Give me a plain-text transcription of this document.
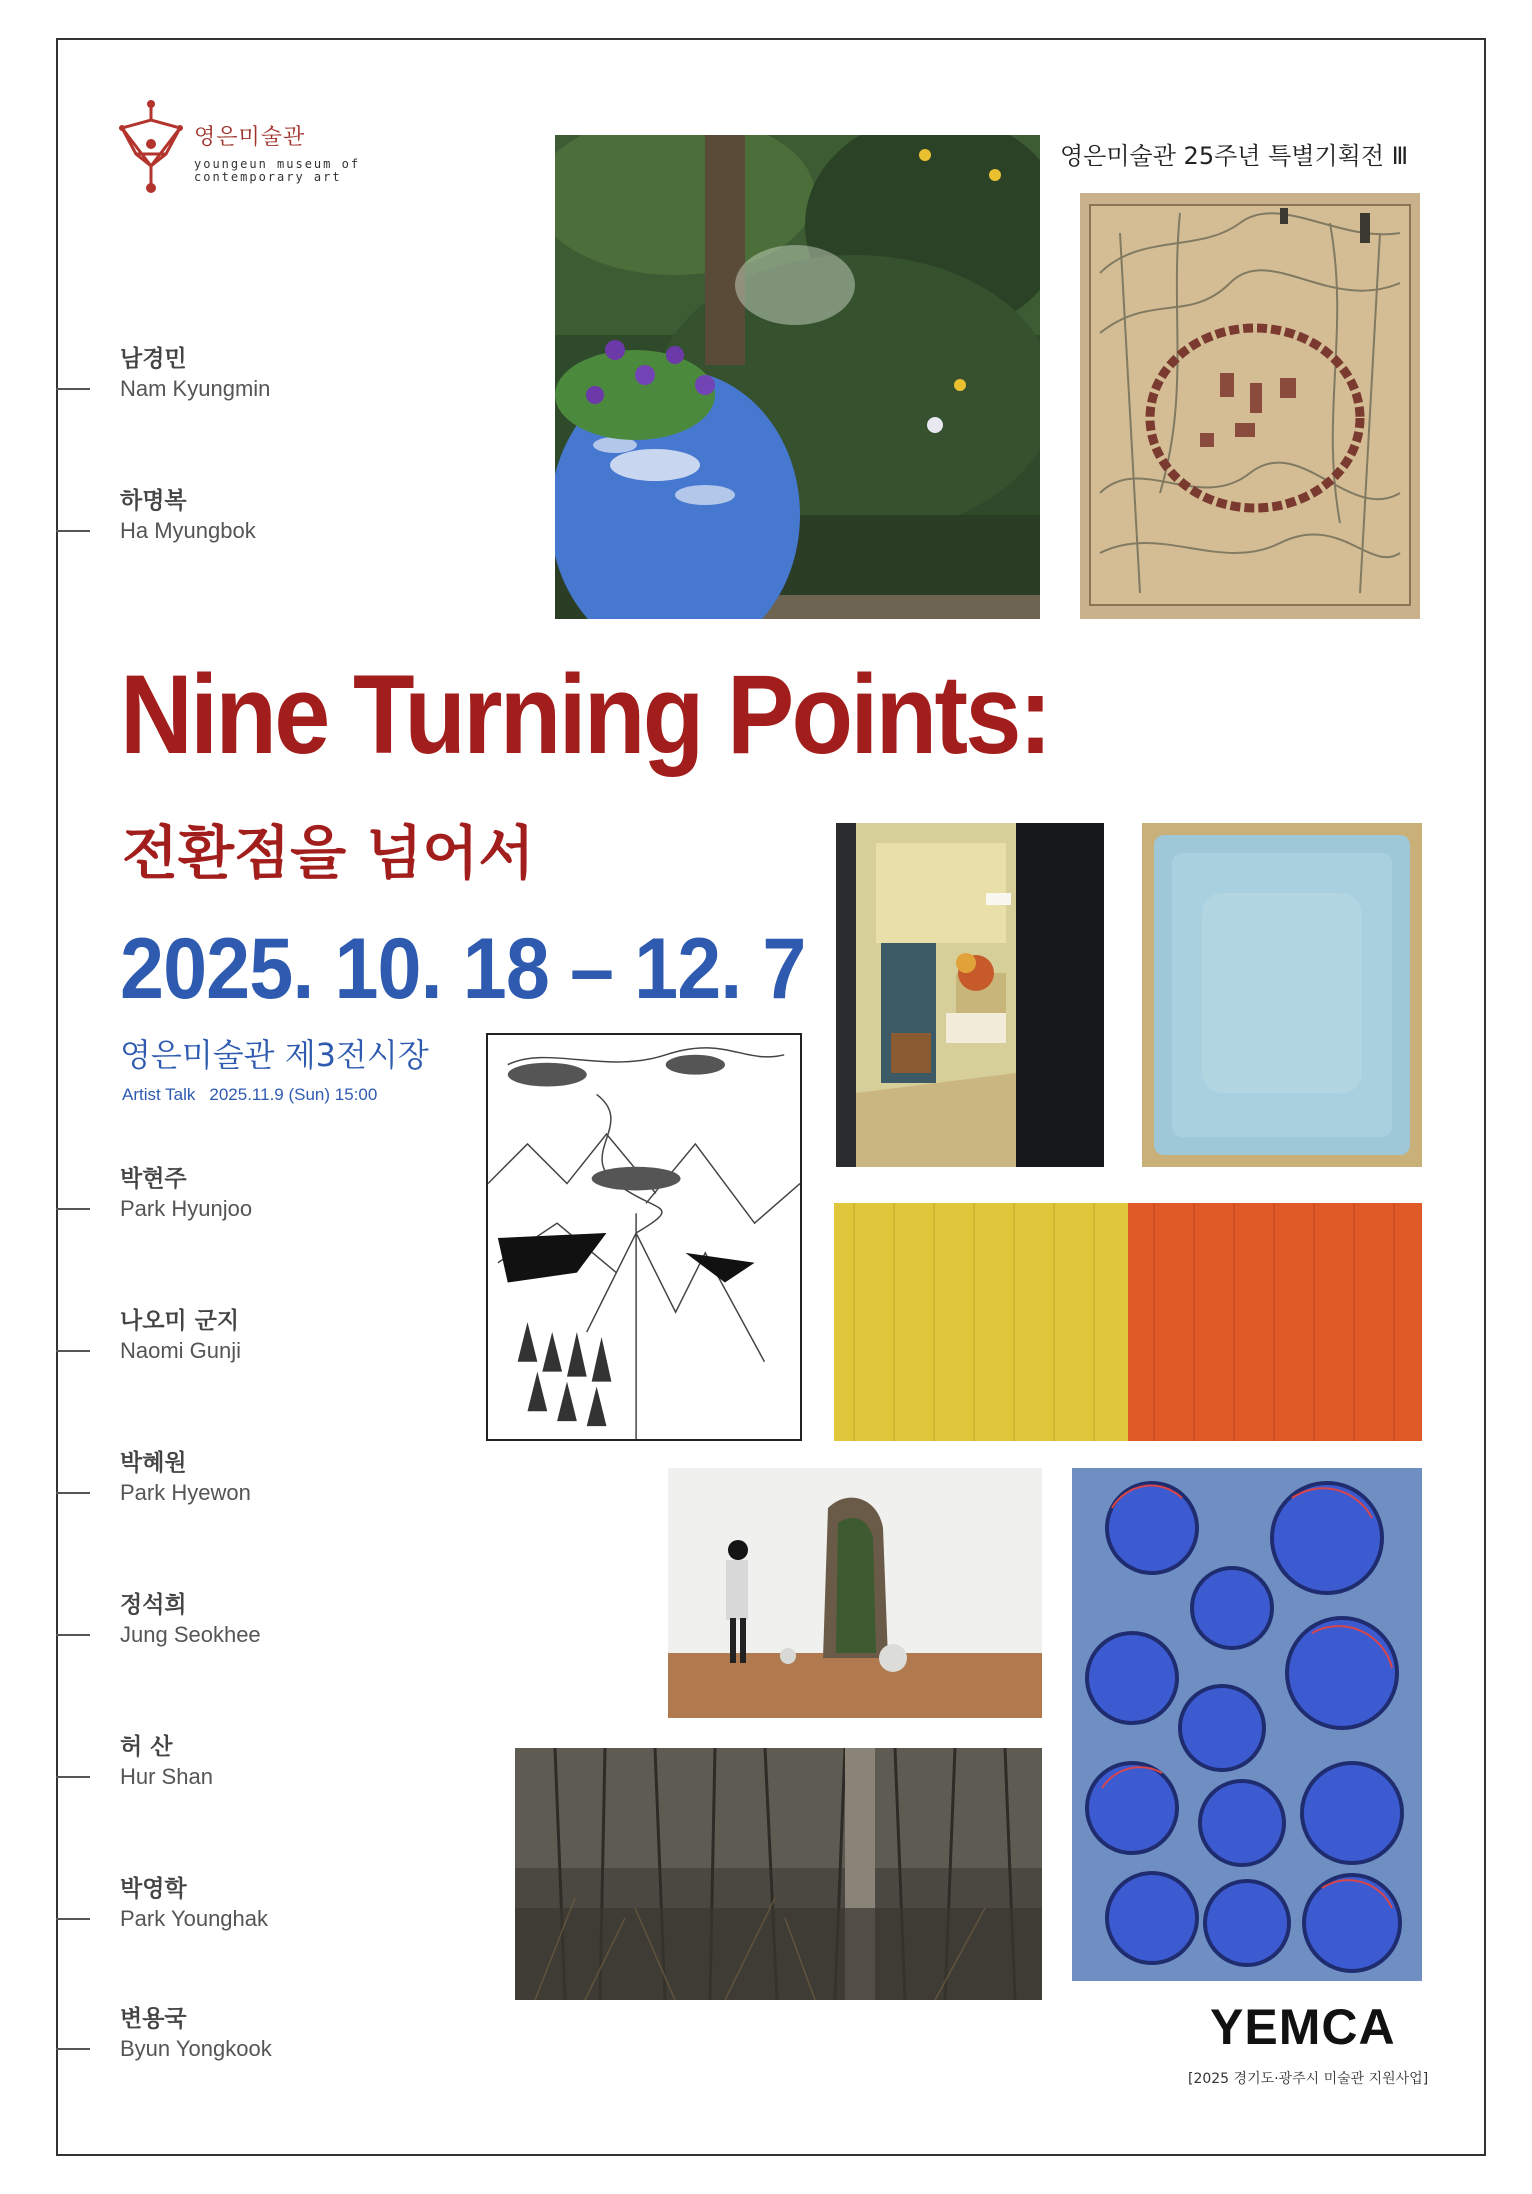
영은미술관
youngeun museum of contemporary art
영은미술관 25주년 특별기획전 Ⅲ
남경민
Nam Kyungmin
하명복
Ha Myungbok
박현주
Park Hyunjoo
나오미 군지
Naomi Gunji
박혜원
Park Hyewon
정석희
Jung Seokhee
허 산
Hur Shan
박영학
Park Younghak
변용국
Byun Yongkook
Nine Turning Points:
전환점을 넘어서
2025. 10. 18 – 12. 7
영은미술관 제3전시장
Artist Talk 2025.11.9 (Sun) 15:00
YEMCA
[2025 경기도·광주시 미술관 지원사업]
